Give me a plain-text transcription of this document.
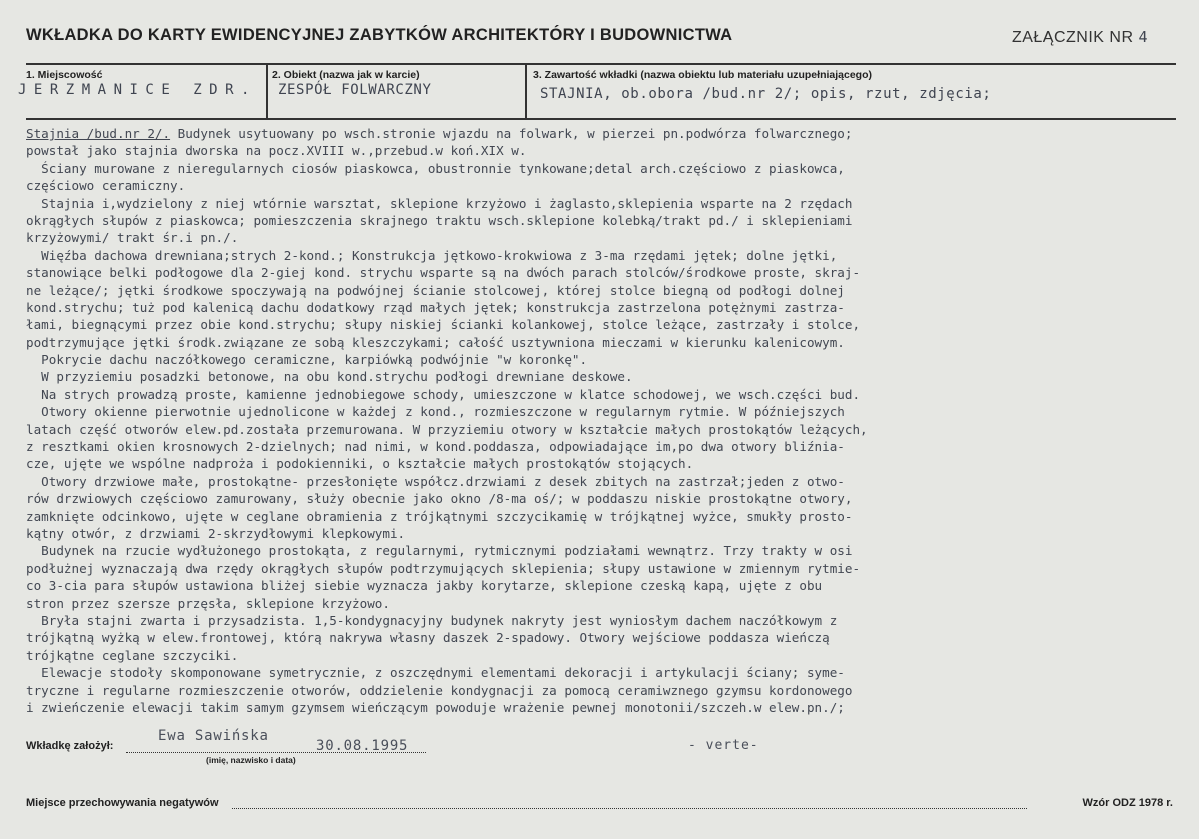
WKŁADKA DO KARTY EWIDENCYJNEJ ZABYTKÓW ARCHITEKTÓRY I BUDOWNICTWA	ZAŁĄCZNIK NR 4
1. Miejscowość
JERZMANICE ZDR.
2. Obiekt (nazwa jak w karcie)
ZESPÓŁ FOLWARCZNY
3. Zawartość wkładki (nazwa obiektu lub materiału uzupełniającego)
STAJNIA, ob.obora /bud.nr 2/; opis, rzut, zdjęcia;
Stajnia /bud.nr 2/. Budynek usytuowany po wsch.stronie wjazdu na folwark, w pierzei pn.podwórza folwarcznego;
powstał jako stajnia dworska na pocz.XVIII w.,przebud.w koń.XIX w.
Ściany murowane z nieregularnych ciosów piaskowca, obustronnie tynkowane;detal arch.częściowo z piaskowca,
częściowo ceramiczny.
Stajnia i,wydzielony z niej wtórnie warsztat, sklepione krzyżowo i żaglasto,sklepienia wsparte na 2 rzędach
okrągłych słupów z piaskowca; pomieszczenia skrajnego traktu wsch.sklepione kolebką/trakt pd./ i sklepieniami
krzyżowymi/ trakt śr.i pn./.
Więźba dachowa drewniana;strych 2-kond.; Konstrukcja jętkowo-krokwiowa z 3-ma rzędami jętek; dolne jętki,
stanowiące belki podłogowe dla 2-giej kond. strychu wsparte są na dwóch parach stolców/środkowe proste, skraj-
ne leżące/; jętki środkowe spoczywają na podwójnej ścianie stolcowej, której stolce biegną od podłogi dolnej
kond.strychu; tuż pod kalenicą dachu dodatkowy rząd małych jętek; konstrukcja zastrzelona potężnymi zastrza-
łami, biegnącymi przez obie kond.strychu; słupy niskiej ścianki kolankowej, stolce leżące, zastrzały i stolce,
podtrzymujące jętki środk.związane ze sobą kleszczykami; całość usztywniona mieczami w kierunku kalenicowym.
Pokrycie dachu naczółkowego ceramiczne, karpiówką podwójnie "w koronkę".
W przyziemiu posadzki betonowe, na obu kond.strychu podłogi drewniane deskowe.
Na strych prowadzą proste, kamienne jednobiegowe schody, umieszczone w klatce schodowej, we wsch.części bud.
Otwory okienne pierwotnie ujednolicone w każdej z kond., rozmieszczone w regularnym rytmie. W późniejszych
latach część otworów elew.pd.została przemurowana. W przyziemiu otwory w kształcie małych prostokątów leżących,
z resztkami okien krosnowych 2-dzielnych; nad nimi, w kond.poddasza, odpowiadające im,po dwa otwory bliźnia-
cze, ujęte we wspólne nadproża i podokienniki, o kształcie małych prostokątów stojących.
Otwory drzwiowe małe, prostokątne- przesłonięte współcz.drzwiami z desek zbitych na zastrzał;jeden z otwo-
rów drzwiowych częściowo zamurowany, służy obecnie jako okno /8-ma oś/; w poddaszu niskie prostokątne otwory,
zamknięte odcinkowo, ujęte w ceglane obramienia z trójkątnymi szczycikamię w trójkątnej wyżce, smukły prosto-
kątny otwór, z drzwiami 2-skrzydłowymi klepkowymi.
Budynek na rzucie wydłużonego prostokąta, z regularnymi, rytmicznymi podziałami wewnątrz. Trzy trakty w osi
podłużnej wyznaczają dwa rzędy okrągłych słupów podtrzymujących sklepienia; słupy ustawione w zmiennym rytmie-
co 3-cia para słupów ustawiona bliżej siebie wyznacza jakby korytarze, sklepione czeską kapą, ujęte z obu
stron przez szersze przęsła, sklepione krzyżowo.
Bryła stajni zwarta i przysadzista. 1,5-kondygnacyjny budynek nakryty jest wyniosłym dachem naczółkowym z
trójkątną wyżką w elew.frontowej, którą nakrywa własny daszek 2-spadowy. Otwory wejściowe poddasza wieńczą
trójkątne ceglane szczyciki.
Elewacje stodoły skomponowane symetrycznie, z oszczędnymi elementami dekoracji i artykulacji ściany; syme-
tryczne i regularne rozmieszczenie otworów, oddzielenie kondygnacji za pomocą ceramiwznego gzymsu kordonowego
i zwieńczenie elewacji takim samym gzymsem wieńczącym powoduje wrażenie pewnej monotonii/szczeh.w elew.pn./;
Wkładkę założył:
Ewa Sawińska
30.08.1995
(imię, nazwisko i data)
- verte-
Miejsce przechowywania negatywów	Wzór ODZ 1978 r.
